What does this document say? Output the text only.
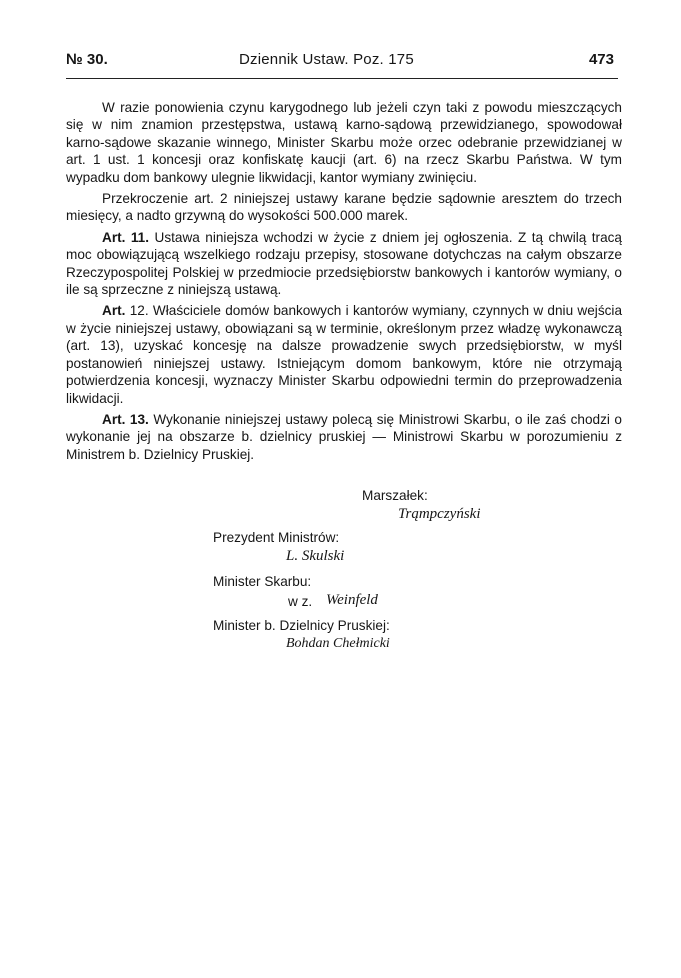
№ 30.	Dziennik Ustaw. Poz. 175	473

W razie ponowienia czynu karygodnego lub jeżeli czyn taki z powodu mieszczących się w nim znamion przestępstwa, ustawą karno-sądową przewidzianego, spowodował karno-sądowe skazanie winnego, Minister Skarbu może orzec odebranie przewidzianej w art. 1 ust. 1 koncesji oraz konfiskatę kaucji (art. 6) na rzecz Skarbu Państwa. W tym wypadku dom bankowy ulegnie likwidacji, kantor wymiany zwinięciu.

Przekroczenie art. 2 niniejszej ustawy karane będzie sądownie aresztem do trzech miesięcy, a nadto grzywną do wysokości 500.000 marek.

Art. 11. Ustawa niniejsza wchodzi w życie z dniem jej ogłoszenia. Z tą chwilą tracą moc obowiązującą wszelkiego rodzaju przepisy, stosowane dotychczas na całym obszarze Rzeczypospolitej Polskiej w przedmiocie przedsiębiorstw bankowych i kantorów wymiany, o ile są sprzeczne z niniejszą ustawą.

Art. 12. Właściciele domów bankowych i kantorów wymiany, czynnych w dniu wejścia w życie niniejszej ustawy, obowiązani są w terminie, określonym przez władzę wykonawczą (art. 13), uzyskać koncesję na dalsze prowadzenie swych przedsiębiorstw, w myśl postanowień niniejszej ustawy. Istniejącym domom bankowym, które nie otrzymają potwierdzenia koncesji, wyznaczy Minister Skarbu odpowiedni termin do przeprowadzenia likwidacji.

Art. 13. Wykonanie niniejszej ustawy polecą się Ministrowi Skarbu, o ile zaś chodzi o wykonanie jej na obszarze b. dzielnicy pruskiej — Ministrowi Skarbu w porozumieniu z Ministrem b. Dzielnicy Pruskiej.

Marszałek:
Trąmpczyński
Prezydent Ministrów:
L. Skulski
Minister Skarbu:
w z. Weinfeld
Minister b. Dzielnicy Pruskiej:
Bohdan Chełmicki
